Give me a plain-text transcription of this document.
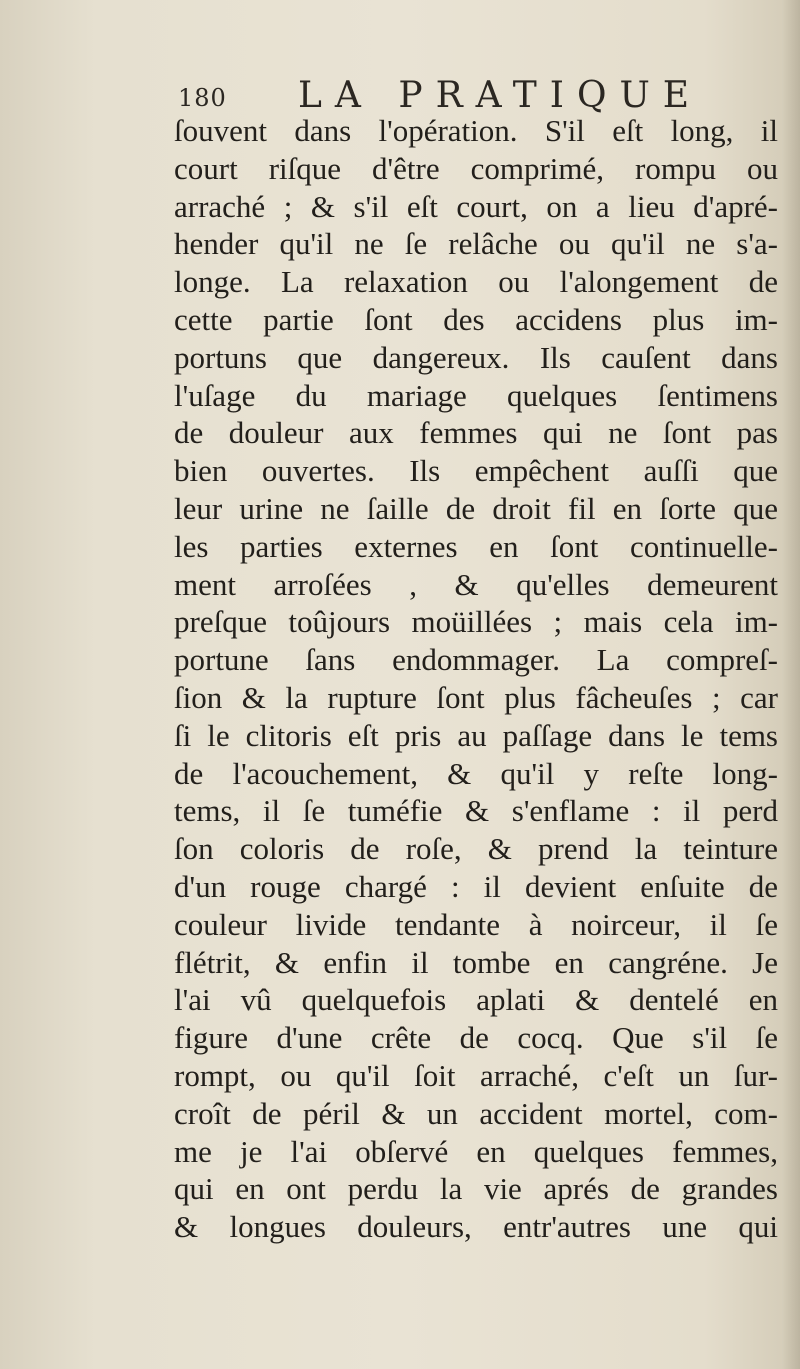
180 LA PRATIQUE
ſouvent dans l'opération. S'il eſt long, il
court riſque d'être comprimé, rompu ou
arraché ; & s'il eſt court, on a lieu d'apré-
hender qu'il ne ſe relâche ou qu'il ne s'a-
longe. La relaxation ou l'alongement de
cette partie ſont des accidens plus im-
portuns que dangereux. Ils cauſent dans
l'uſage du mariage quelques ſentimens
de douleur aux femmes qui ne ſont pas
bien ouvertes. Ils empêchent auſſi que
leur urine ne ſaille de droit fil en ſorte que
les parties externes en ſont continuelle-
ment arroſées , & qu'elles demeurent
preſque toûjours moüillées ; mais cela im-
portune ſans endommager. La compreſ-
ſion & la rupture ſont plus fâcheuſes ; car
ſi le clitoris eſt pris au paſſage dans le tems
de l'acouchement, & qu'il y reſte long-
tems, il ſe tuméfie & s'enflame : il perd
ſon coloris de roſe, & prend la teinture
d'un rouge chargé : il devient enſuite de
couleur livide tendante à noirceur, il ſe
flétrit, & enfin il tombe en cangréne. Je
l'ai vû quelquefois aplati & dentelé en
figure d'une crête de cocq. Que s'il ſe
rompt, ou qu'il ſoit arraché, c'eſt un ſur-
croît de péril & un accident mortel, com-
me je l'ai obſervé en quelques femmes,
qui en ont perdu la vie aprés de grandes
& longues douleurs, entr'autres une qui
